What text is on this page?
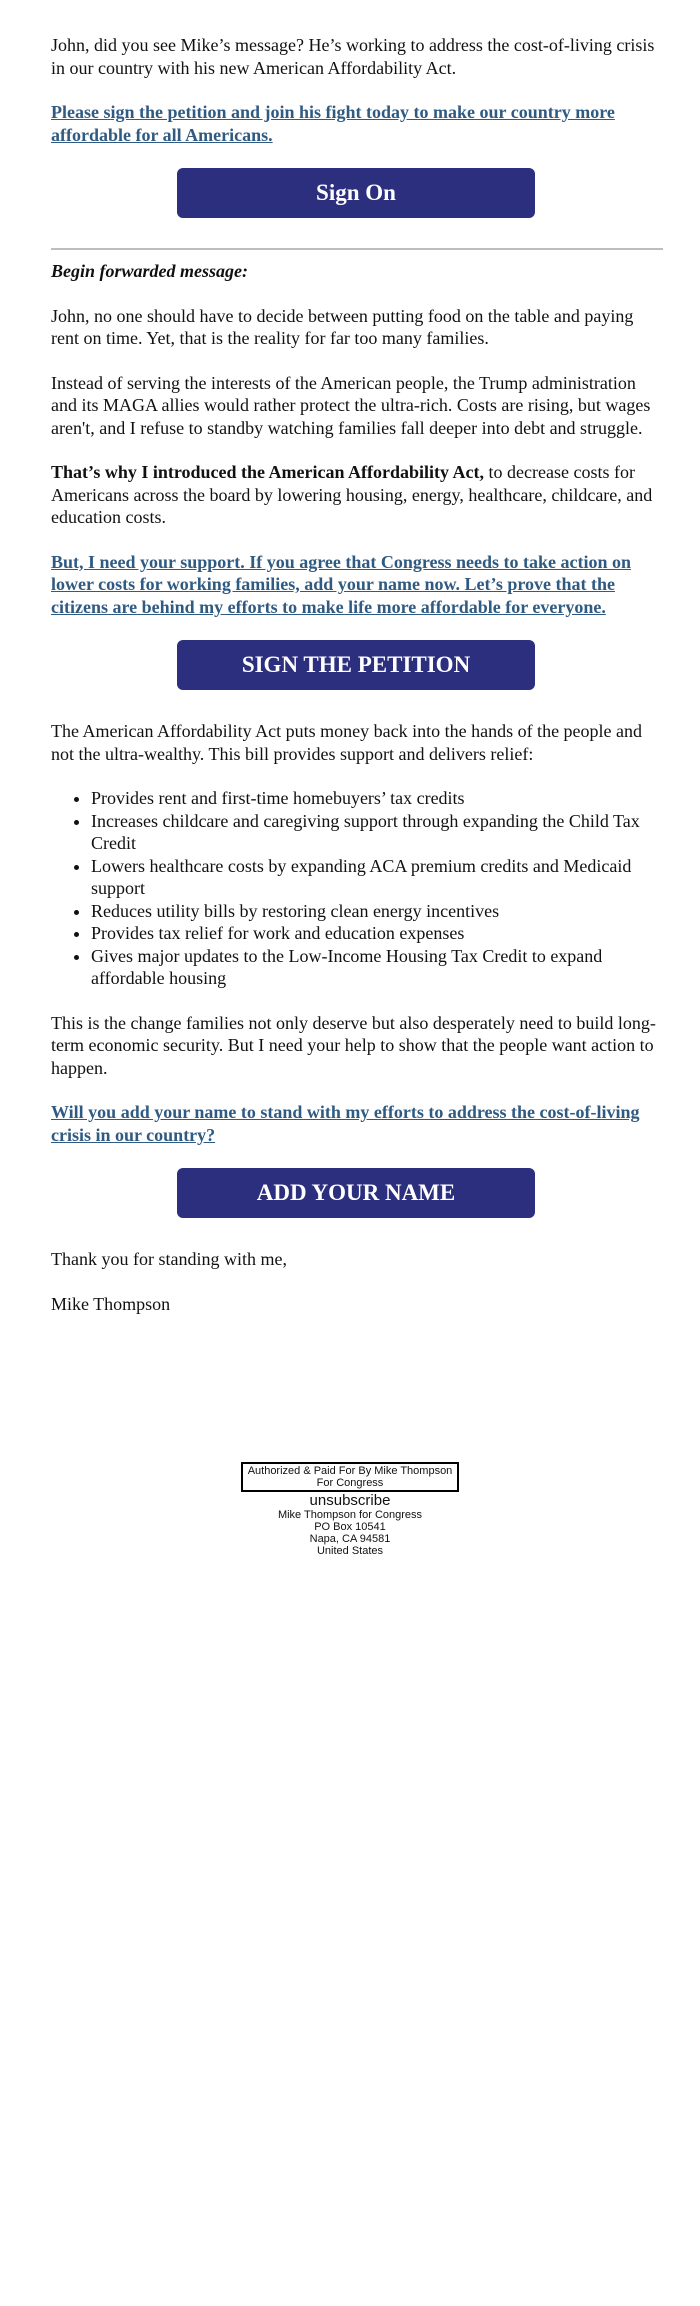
John, did you see Mike’s message? He’s working to address the cost-of-living crisis in our country with his new American Affordability Act.

Please sign the petition and join his fight today to make our country more affordable for all Americans.

Sign On

Begin forwarded message:

John, no one should have to decide between putting food on the table and paying rent on time. Yet, that is the reality for far too many families.

Instead of serving the interests of the American people, the Trump administration and its MAGA allies would rather protect the ultra-rich. Costs are rising, but wages aren't, and I refuse to standby watching families fall deeper into debt and struggle.

That’s why I introduced the American Affordability Act, to decrease costs for Americans across the board by lowering housing, energy, healthcare, childcare, and education costs.

But, I need your support. If you agree that Congress needs to take action on lower costs for working families, add your name now. Let’s prove that the citizens are behind my efforts to make life more affordable for everyone.

SIGN THE PETITION

The American Affordability Act puts money back into the hands of the people and not the ultra-wealthy. This bill provides support and delivers relief:

• Provides rent and first-time homebuyers’ tax credits
• Increases childcare and caregiving support through expanding the Child Tax Credit
• Lowers healthcare costs by expanding ACA premium credits and Medicaid support
• Reduces utility bills by restoring clean energy incentives
• Provides tax relief for work and education expenses
• Gives major updates to the Low-Income Housing Tax Credit to expand affordable housing

This is the change families not only deserve but also desperately need to build long-term economic security. But I need your help to show that the people want action to happen.

Will you add your name to stand with my efforts to address the cost-of-living crisis in our country?

ADD YOUR NAME

Thank you for standing with me,

Mike Thompson

Authorized & Paid For By Mike Thompson For Congress
unsubscribe
Mike Thompson for Congress
PO Box 10541
Napa, CA 94581
United States
